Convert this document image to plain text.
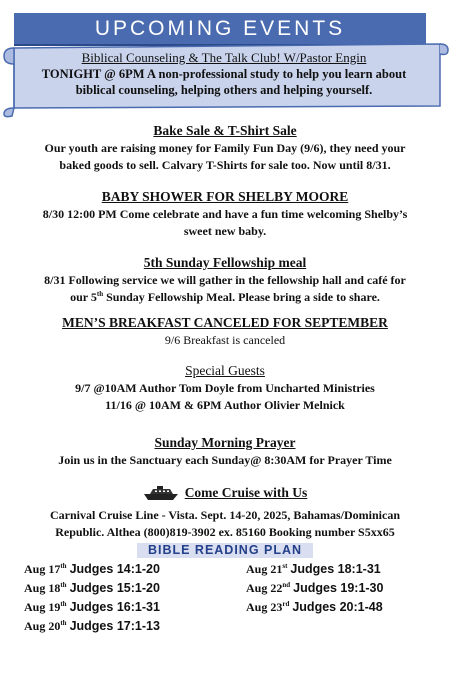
UPCOMING EVENTS
Biblical Counseling & The Talk Club! W/Pastor Engin
TONIGHT @ 6PM A non-professional study to help you learn about
biblical counseling, helping others and helping yourself.
Bake Sale & T-Shirt Sale

Our youth are raising money for Family Fun Day (9/6), they need your

baked goods to sell. Calvary T-Shirts for sale too. Now until 8/31.

BABY SHOWER FOR SHELBY MOORE

8/30 12:00 PM Come celebrate and have a fun time welcoming Shelby’s

sweet new baby.

5th Sunday Fellowship meal

8/31 Following service we will gather in the fellowship hall and café for

our 5th Sunday Fellowship Meal. Please bring a side to share.

MEN’S BREAKFAST CANCELED FOR SEPTEMBER

9/6 Breakfast is canceled

Special Guests

9/7 @10AM Author Tom Doyle from Uncharted Ministries

11/16 @ 10AM & 6PM Author Olivier Melnick

Sunday Morning Prayer

Join us in the Sanctuary each Sunday@ 8:30AM for Prayer Time

Come Cruise with Us

Carnival Cruise Line - Vista. Sept. 14-20, 2025, Bahamas/Dominican

Republic. Althea (800)819-3902 ex. 85160 Booking number S5xx65

BIBLE READING PLAN
Aug 17th Judges 14:1-20
Aug 18th Judges 15:1-20
Aug 19th Judges 16:1-31
Aug 20th Judges 17:1-13
Aug 21st Judges 18:1-31
Aug 22nd Judges 19:1-30
Aug 23rd Judges 20:1-48
